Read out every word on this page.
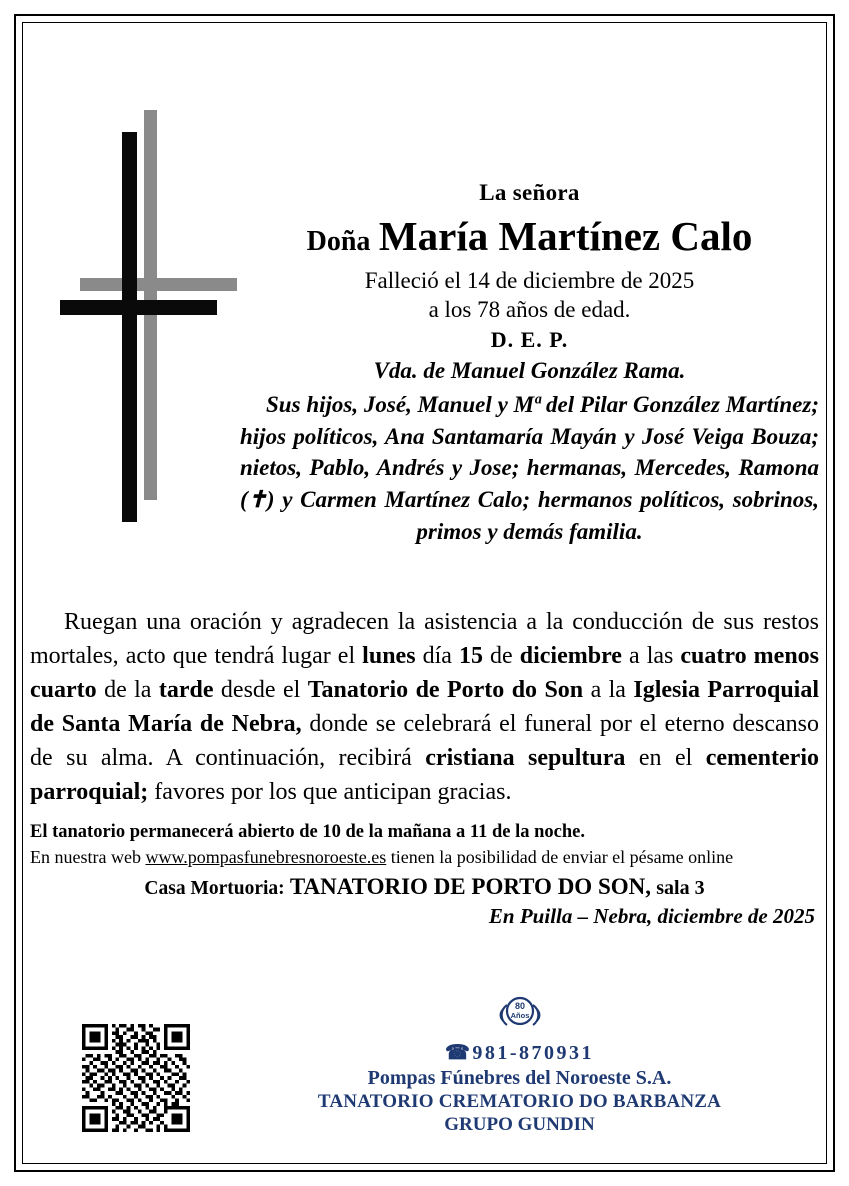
La señora
Doña María Martínez Calo
Falleció el 14 de diciembre de 2025
a los 78 años de edad.
D. E. P.
Vda. de Manuel González Rama.
Sus hijos, José, Manuel y Mª del Pilar González Martínez; hijos políticos, Ana Santamaría Mayán y José Veiga Bouza; nietos, Pablo, Andrés y Jose; hermanas, Mercedes, Ramona (✝) y Carmen Martínez Calo; hermanos políticos, sobrinos, primos y demás familia.

Ruegan una oración y agradecen la asistencia a la conducción de sus restos mortales, acto que tendrá lugar el lunes día 15 de diciembre a las cuatro menos cuarto de la tarde desde el Tanatorio de Porto do Son a la Iglesia Parroquial de Santa María de Nebra, donde se celebrará el funeral por el eterno descanso de su alma. A continuación, recibirá cristiana sepultura en el cementerio parroquial; favores por los que anticipan gracias.

El tanatorio permanecerá abierto de 10 de la mañana a 11 de la noche.
En nuestra web www.pompasfunebresnoroeste.es tienen la posibilidad de enviar el pésame online
Casa Mortuoria: TANATORIO DE PORTO DO SON, sala 3
En Puilla – Nebra, diciembre de 2025
80
Años
☎981-870931
Pompas Fúnebres del Noroeste S.A.
TANATORIO CREMATORIO DO BARBANZA
GRUPO GUNDIN
